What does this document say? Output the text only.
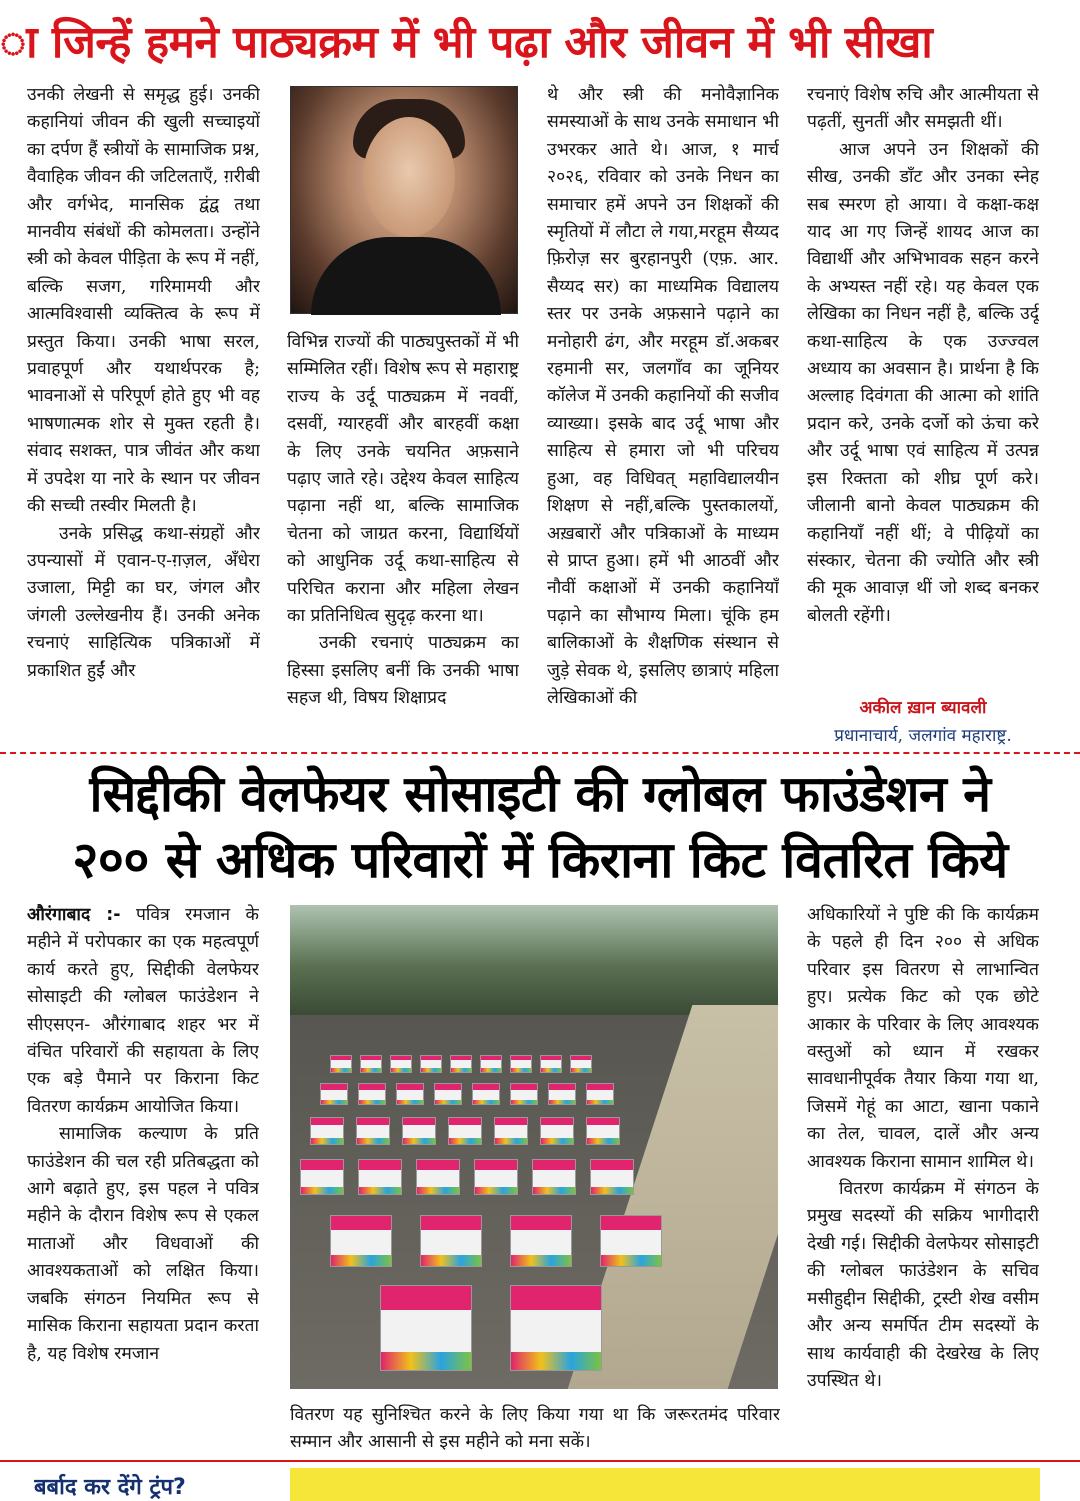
ा जिन्हें हमने पाठ्यक्रम में भी पढ़ा और जीवन में भी सीखा

उनकी लेखनी से समृद्ध हुई। उनकी कहानियां जीवन की खुली सच्चाइयों का दर्पण हैं स्त्रीयों के सामाजिक प्रश्न, वैवाहिक जीवन की जटिलताएँ, ग़रीबी और वर्गभेद, मानसिक द्वंद्व तथा मानवीय संबंधों की कोमलता। उन्होंने स्त्री को केवल पीड़िता के रूप में नहीं, बल्कि सजग, गरिमामयी और आत्मविश्वासी व्यक्तित्व के रूप में प्रस्तुत किया। उनकी भाषा सरल, प्रवाहपूर्ण और यथार्थपरक है; भावनाओं से परिपूर्ण होते हुए भी वह भाषणात्मक शोर से मुक्त रहती है। संवाद सशक्त, पात्र जीवंत और कथा में उपदेश या नारे के स्थान पर जीवन की सच्ची तस्वीर मिलती है।

उनके प्रसिद्ध कथा-संग्रहों और उपन्यासों में एवान-ए-ग़ज़ल, अँधेरा उजाला, मिट्टी का घर, जंगल और जंगली उल्लेखनीय हैं। उनकी अनेक रचनाएं साहित्यिक पत्रिकाओं में प्रकाशित हुईं और

विभिन्न राज्यों की पाठ्यपुस्तकों में भी सम्मिलित रहीं। विशेष रूप से महाराष्ट्र राज्य के उर्दू पाठ्यक्रम में नववीं, दसवीं, ग्यारहवीं और बारहवीं कक्षा के लिए उनके चयनित अफ़साने पढ़ाए जाते रहे। उद्देश्य केवल साहित्य पढ़ाना नहीं था, बल्कि सामाजिक चेतना को जाग्रत करना, विद्यार्थियों को आधुनिक उर्दू कथा-साहित्य से परिचित कराना और महिला लेखन का प्रतिनिधित्व सुदृढ़ करना था।

उनकी रचनाएं पाठ्यक्रम का हिस्सा इसलिए बनीं कि उनकी भाषा सहज थी, विषय शिक्षाप्रद

थे और स्त्री की मनोवैज्ञानिक समस्याओं के साथ उनके समाधान भी उभरकर आते थे। आज, १ मार्च २०२६, रविवार को उनके निधन का समाचार हमें अपने उन शिक्षकों की स्मृतियों में लौटा ले गया,मरहूम सैय्यद फ़िरोज़ सर बुरहानपुरी (एफ़. आर. सैय्यद सर) का माध्यमिक विद्यालय स्तर पर उनके अफ़साने पढ़ाने का मनोहारी ढंग, और मरहूम डॉ.अकबर रहमानी सर, जलगाँव का जूनियर कॉलेज में उनकी कहानियों की सजीव व्याख्या। इसके बाद उर्दू भाषा और साहित्य से हमारा जो भी परिचय हुआ, वह विधिवत् महाविद्यालयीन शिक्षण से नहीं,बल्कि पुस्तकालयों, अख़बारों और पत्रिकाओं के माध्यम से प्राप्त हुआ। हमें भी आठवीं और नौवीं कक्षाओं में उनकी कहानियाँ पढ़ाने का सौभाग्य मिला। चूंकि हम बालिकाओं के शैक्षणिक संस्थान से जुड़े सेवक थे, इसलिए छात्राएं महिला लेखिकाओं की

रचनाएं विशेष रुचि और आत्मीयता से पढ़तीं, सुनतीं और समझती थीं।

आज अपने उन शिक्षकों की सीख, उनकी डाँट और उनका स्नेह सब स्मरण हो आया। वे कक्षा-कक्ष याद आ गए जिन्हें शायद आज का विद्यार्थी और अभिभावक सहन करने के अभ्यस्त नहीं रहे। यह केवल एक लेखिका का निधन नहीं है, बल्कि उर्दू कथा-साहित्य के एक उज्ज्वल अध्याय का अवसान है। प्रार्थना है कि अल्लाह दिवंगता की आत्मा को शांति प्रदान करे, उनके दर्जो को ऊंचा करे और उर्दू भाषा एवं साहित्य में उत्पन्न इस रिक्तता को शीघ्र पूर्ण करे। जीलानी बानो केवल पाठ्यक्रम की कहानियाँ नहीं थीं; वे पीढ़ियों का संस्कार, चेतना की ज्योति और स्त्री की मूक आवाज़ थीं जो शब्द बनकर बोलती रहेंगी।

अकील ख़ान ब्यावली
प्रधानाचार्य, जलगांव महाराष्ट्र.
सिद्दीकी वेलफेयर सोसाइटी की ग्लोबल फाउंडेशन ने
२०० से अधिक परिवारों में किराना किट वितरित किये

औरंगाबाद :- पवित्र रमजान के महीने में परोपकार का एक महत्वपूर्ण कार्य करते हुए, सिद्दीकी वेलफेयर सोसाइटी की ग्लोबल फाउंडेशन ने सीएसएन- औरंगाबाद शहर भर में वंचित परिवारों की सहायता के लिए एक बड़े पैमाने पर किराना किट वितरण कार्यक्रम आयोजित किया।

सामाजिक कल्याण के प्रति फाउंडेशन की चल रही प्रतिबद्धता को आगे बढ़ाते हुए, इस पहल ने पवित्र महीने के दौरान विशेष रूप से एकल माताओं और विधवाओं की आवश्यकताओं को लक्षित किया। जबकि संगठन नियमित रूप से मासिक किराना सहायता प्रदान करता है, यह विशेष रमजान

वितरण यह सुनिश्चित करने के लिए किया गया था कि जरूरतमंद परिवार सम्मान और आसानी से इस महीने को मना सकें।

अधिकारियों ने पुष्टि की कि कार्यक्रम के पहले ही दिन २०० से अधिक परिवार इस वितरण से लाभान्वित हुए। प्रत्येक किट को एक छोटे आकार के परिवार के लिए आवश्यक वस्तुओं को ध्यान में रखकर सावधानीपूर्वक तैयार किया गया था, जिसमें गेहूं का आटा, खाना पकाने का तेल, चावल, दालें और अन्य आवश्यक किराना सामान शामिल थे।

वितरण कार्यक्रम में संगठन के प्रमुख सदस्यों की सक्रिय भागीदारी देखी गई। सिद्दीकी वेलफेयर सोसाइटी की ग्लोबल फाउंडेशन के सचिव मसीहुद्दीन सिद्दीकी, ट्रस्टी शेख वसीम और अन्य समर्पित टीम सदस्यों के साथ कार्यवाही की देखरेख के लिए उपस्थित थे।

बर्बाद कर देंगे ट्रंप?
